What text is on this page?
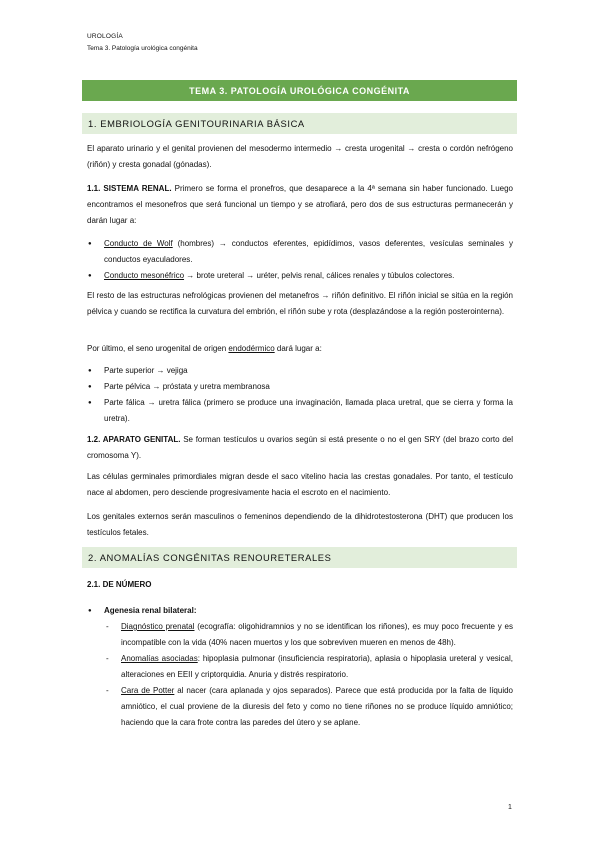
UROLOGÍA
Tema 3. Patología urológica congénita
TEMA 3. PATOLOGÍA UROLÓGICA CONGÉNITA
1. EMBRIOLOGÍA GENITOURINARIA BÁSICA
El aparato urinario y el genital provienen del mesodermo intermedio → cresta urogenital → cresta o cordón nefrógeno (riñón) y cresta gonadal (gónadas).
1.1. SISTEMA RENAL. Primero se forma el pronefros, que desaparece a la 4ª semana sin haber funcionado. Luego encontramos el mesonefros que será funcional un tiempo y se atrofiará, pero dos de sus estructuras permanecerán y darán lugar a:
● Conducto de Wolf (hombres) → conductos eferentes, epidídimos, vasos deferentes, vesículas seminales y conductos eyaculadores.
● Conducto mesonéfrico → brote ureteral → uréter, pelvis renal, cálices renales y túbulos colectores.
El resto de las estructuras nefrológicas provienen del metanefros → riñón definitivo. El riñón inicial se sitúa en la región pélvica y cuando se rectifica la curvatura del embrión, el riñón sube y rota (desplazándose a la región posterointerna).
Por último, el seno urogenital de origen endodérmico dará lugar a:
● Parte superior → vejiga
● Parte pélvica → próstata y uretra membranosa
● Parte fálica → uretra fálica (primero se produce una invaginación, llamada placa uretral, que se cierra y forma la uretra).
1.2. APARATO GENITAL. Se forman testículos u ovarios según si está presente o no el gen SRY (del brazo corto del cromosoma Y).
Las células germinales primordiales migran desde el saco vitelino hacia las crestas gonadales. Por tanto, el testículo nace al abdomen, pero desciende progresivamente hacia el escroto en el nacimiento.
Los genitales externos serán masculinos o femeninos dependiendo de la dihidrotestosterona (DHT) que producen los testículos fetales.
2. ANOMALÍAS CONGÉNITAS RENOURETERALES
2.1. DE NÚMERO
● Agenesia renal bilateral:
- Diagnóstico prenatal (ecografía: oligohidramnios y no se identifican los riñones), es muy poco frecuente y es incompatible con la vida (40% nacen muertos y los que sobreviven mueren en menos de 48h).
- Anomalías asociadas: hipoplasia pulmonar (insuficiencia respiratoria), aplasia o hipoplasia ureteral y vesical, alteraciones en EEII y criptorquidia. Anuria y distrés respiratorio.
- Cara de Potter al nacer (cara aplanada y ojos separados). Parece que está producida por la falta de líquido amniótico, el cual proviene de la diuresis del feto y como no tiene riñones no se produce líquido amniótico; haciendo que la cara frote contra las paredes del útero y se aplane.
1
